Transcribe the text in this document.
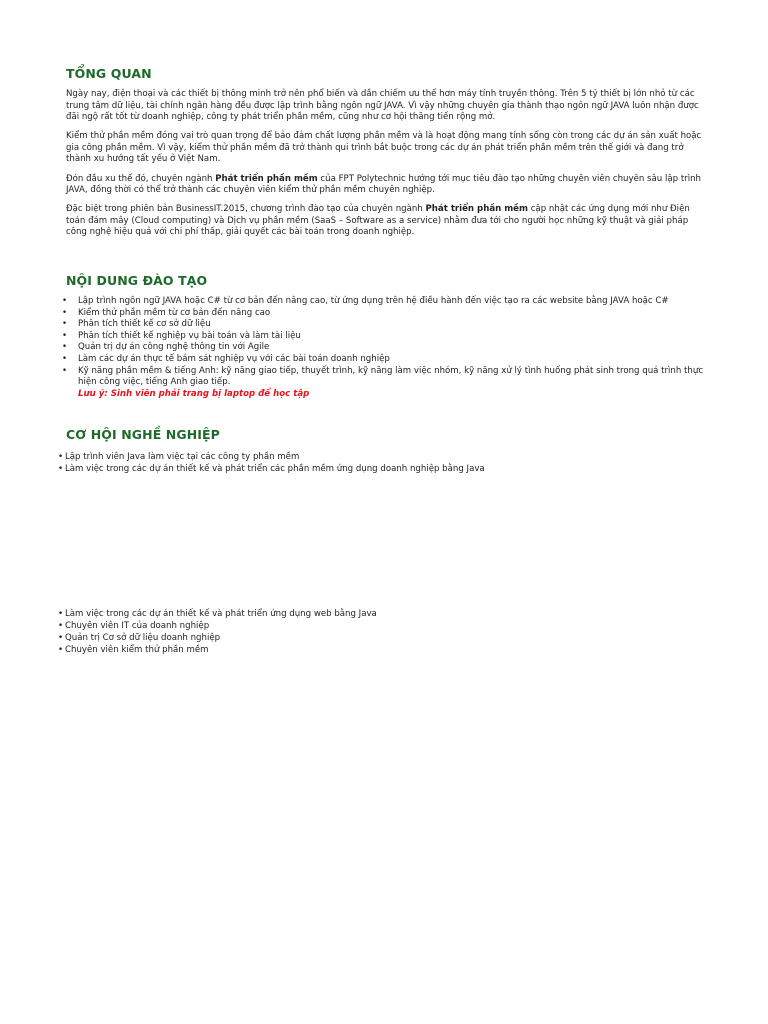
TỔNG QUAN

Ngày nay, điện thoại và các thiết bị thông minh trở nên phổ biến và dần chiếm ưu thế hơn máy tính truyền thông. Trên 5 tỷ thiết bị lớn nhỏ từ các trung tâm dữ liệu, tài chính ngân hàng đều được lập trình bằng ngôn ngữ JAVA. Vì vậy những chuyên gia thành thạo ngôn ngữ JAVA luôn nhận được đãi ngộ rất tốt từ doanh nghiệp, công ty phát triển phần mềm, cũng như cơ hội thăng tiến rộng mở.

Kiểm thử phần mềm đóng vai trò quan trọng để bảo đảm chất lượng phần mềm và là hoạt động mang tính sống còn trong các dự án sản xuất hoặc gia công phần mềm. Vì vậy, kiểm thử phần mềm đã trở thành qui trình bắt buộc trong các dự án phát triển phần mềm trên thế giới và đang trở thành xu hướng tất yếu ở Việt Nam.

Đón đầu xu thế đó, chuyên ngành Phát triển phần mềm của FPT Polytechnic hướng tới mục tiêu đào tạo những chuyên viên chuyên sâu lập trình JAVA, đồng thời có thể trở thành các chuyên viên kiểm thử phần mềm chuyên nghiệp.

Đặc biệt trong phiên bản BusinessIT.2015, chương trình đào tạo của chuyên ngành Phát triển phần mềm cập nhật các ứng dụng mới như Điện toán đám mây (Cloud computing) và Dịch vụ phần mềm (SaaS – Software as a service) nhằm đưa tới cho người học những kỹ thuật và giải pháp công nghệ hiệu quả với chi phí thấp, giải quyết các bài toán trong doanh nghiệp.

NỘI DUNG ĐÀO TẠO
• Lập trình ngôn ngữ JAVA hoặc C# từ cơ bản đến nâng cao, từ ứng dụng trên hệ điều hành đến việc tạo ra các website bằng JAVA hoặc C#
• Kiểm thử phần mềm từ cơ bản đến nâng cao
• Phân tích thiết kế cơ sở dữ liệu
• Phân tích thiết kế nghiệp vụ bài toán và làm tài liệu
• Quản trị dự án công nghệ thông tin với Agile
• Làm các dự án thực tế bám sát nghiệp vụ với các bài toán doanh nghiệp
• Kỹ năng phần mềm & tiếng Anh: kỹ năng giao tiếp, thuyết trình, kỹ năng làm việc nhóm, kỹ năng xử lý tình huống phát sinh trong quá trình thực hiện công việc, tiếng Anh giao tiếp.
Lưu ý: Sinh viên phải trang bị laptop để học tập
CƠ HỘI NGHỀ NGHIỆP
• Lập trình viên Java làm việc tại các công ty phần mềm
• Làm việc trong các dự án thiết kế và phát triển các phần mềm ứng dụng doanh nghiệp bằng Java
• Làm việc trong các dự án thiết kế và phát triển ứng dụng web bằng Java
• Chuyên viên IT của doanh nghiệp
• Quản trị Cơ sở dữ liệu doanh nghiệp
• Chuyên viên kiểm thử phần mềm
